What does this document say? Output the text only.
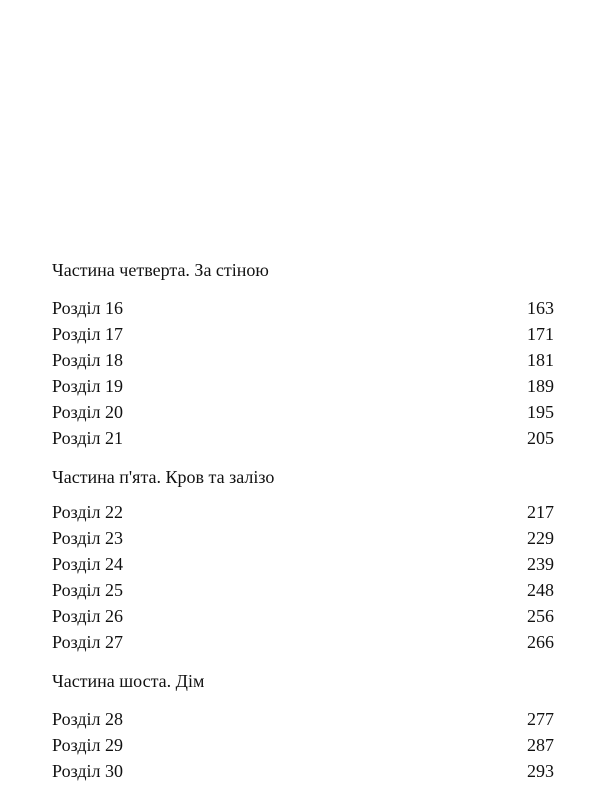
Частина четверта. За стіною
Розділ 16	163
Розділ 17	171
Розділ 18	181
Розділ 19	189
Розділ 20	195
Розділ 21	205
Частина п'ята. Кров та залізо
Розділ 22	217
Розділ 23	229
Розділ 24	239
Розділ 25	248
Розділ 26	256
Розділ 27	266
Частина шоста. Дім
Розділ 28	277
Розділ 29	287
Розділ 30	293
